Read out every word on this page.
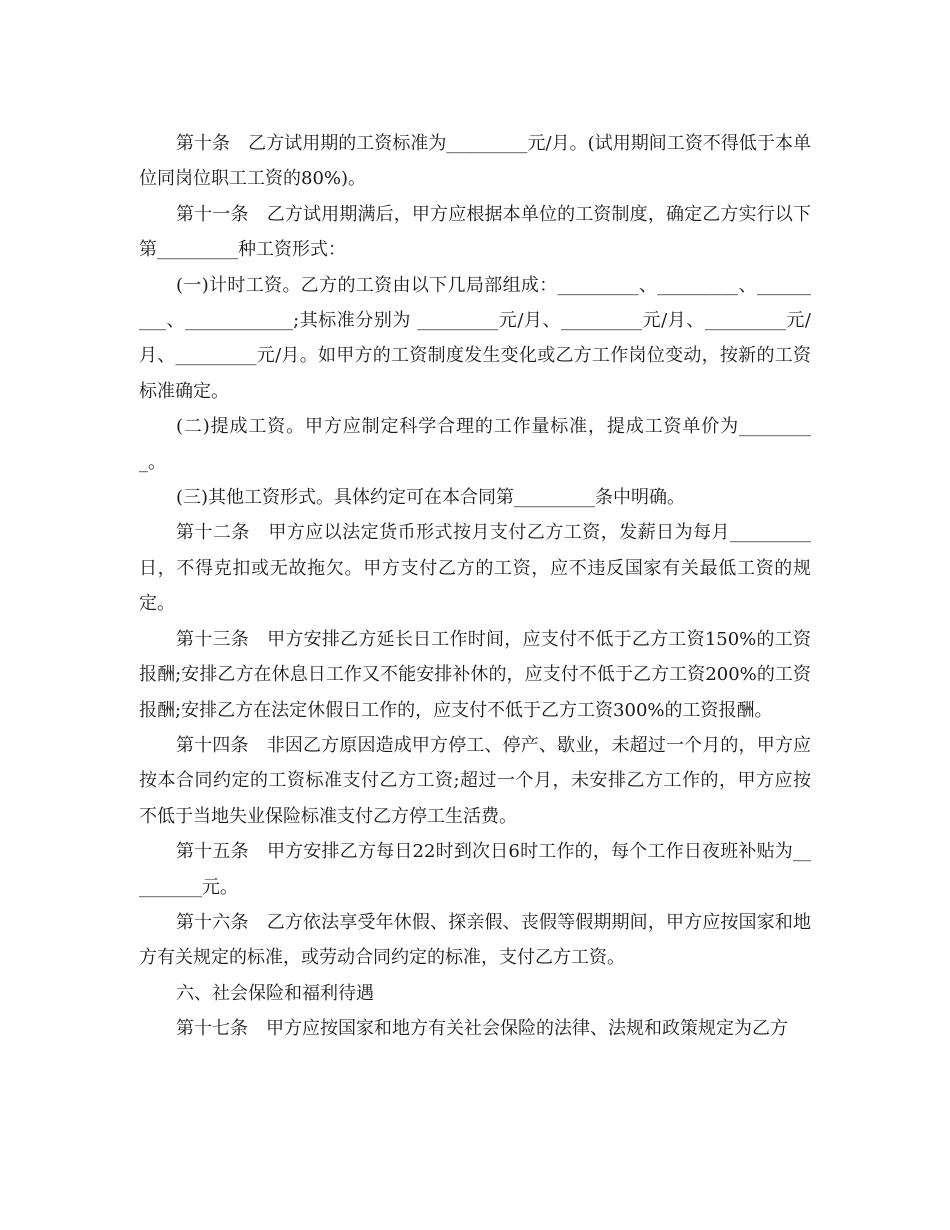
第十条　乙方试用期的工资标准为_________元/月。(试用期间工资不得低于本单位同岗位职工工资的80%)。

第十一条　乙方试用期满后，甲方应根据本单位的工资制度，确定乙方实行以下第_________种工资形式：

(一)计时工资。乙方的工资由以下几局部组成：_________、_________、_________、____________;其标准分别为 _________元/月、_________元/月、_________元/月、_________元/月。如甲方的工资制度发生变化或乙方工作岗位变动，按新的工资标准确定。

(二)提成工资。甲方应制定科学合理的工作量标准，提成工资单价为_________。

(三)其他工资形式。具体约定可在本合同第_________条中明确。

第十二条　甲方应以法定货币形式按月支付乙方工资，发薪日为每月_________日，不得克扣或无故拖欠。甲方支付乙方的工资，应不违反国家有关最低工资的规定。

第十三条　甲方安排乙方延长日工作时间，应支付不低于乙方工资150%的工资报酬;安排乙方在休息日工作又不能安排补休的，应支付不低于乙方工资200%的工资报酬;安排乙方在法定休假日工作的，应支付不低于乙方工资300%的工资报酬。

第十四条　非因乙方原因造成甲方停工、停产、歇业，未超过一个月的，甲方应按本合同约定的工资标准支付乙方工资;超过一个月，未安排乙方工作的，甲方应按不低于当地失业保险标准支付乙方停工生活费。

第十五条　甲方安排乙方每日22时到次日6时工作的，每个工作日夜班补贴为_________元。

第十六条　乙方依法享受年休假、探亲假、丧假等假期期间，甲方应按国家和地方有关规定的标准，或劳动合同约定的标准，支付乙方工资。

六、社会保险和福利待遇

第十七条　甲方应按国家和地方有关社会保险的法律、法规和政策规定为乙方
